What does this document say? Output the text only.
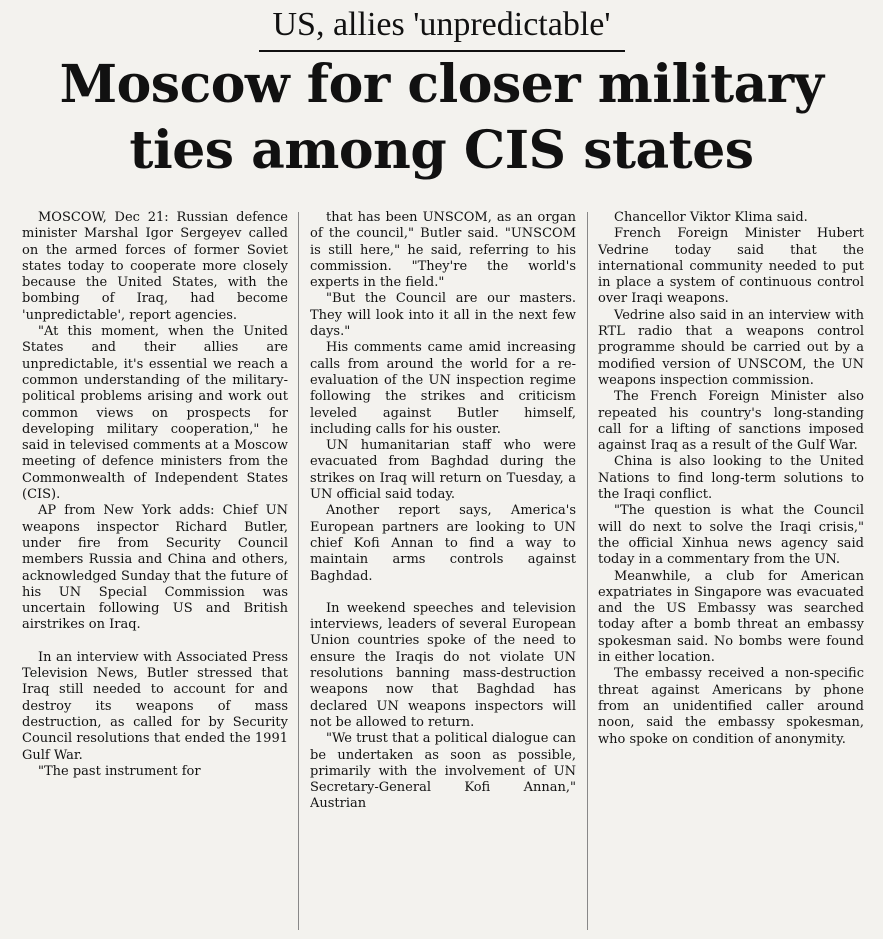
US, allies 'unpredictable'
Moscow for closer military
ties among CIS states

MOSCOW, Dec 21: Russian defence minister Marshal Igor Sergeyev called on the armed forces of former Soviet states today to cooperate more closely because the United States, with the bombing of Iraq, had become 'unpredictable', report agencies.

"At this moment, when the United States and their allies are unpredictable, it's essential we reach a common understanding of the military-political problems arising and work out common views on prospects for developing military cooperation," he said in televised comments at a Moscow meeting of defence ministers from the Commonwealth of Independent States (CIS).

AP from New York adds: Chief UN weapons inspector Richard Butler, under fire from Security Council members Russia and China and others, acknowledged Sunday that the future of his UN Special Commission was uncertain following US and British airstrikes on Iraq.

In an interview with Associated Press Television News, Butler stressed that Iraq still needed to account for and destroy its weapons of mass destruction, as called for by Security Council resolutions that ended the 1991 Gulf War.

"The past instrument for

that has been UNSCOM, as an organ of the council," Butler said. "UNSCOM is still here," he said, referring to his commission. "They're the world's experts in the field."

"But the Council are our masters. They will look into it all in the next few days."

His comments came amid increasing calls from around the world for a re-evaluation of the UN inspection regime following the strikes and criticism leveled against Butler himself, including calls for his ouster.

UN humanitarian staff who were evacuated from Baghdad during the strikes on Iraq will return on Tuesday, a UN official said today.

Another report says, America's European partners are looking to UN chief Kofi Annan to find a way to maintain arms controls against Baghdad.

In weekend speeches and television interviews, leaders of several European Union countries spoke of the need to ensure the Iraqis do not violate UN resolutions banning mass-destruction weapons now that Baghdad has declared UN weapons inspectors will not be allowed to return.

"We trust that a political dialogue can be undertaken as soon as possible, primarily with the involvement of UN Secretary-General Kofi Annan," Austrian

Chancellor Viktor Klima said.

French Foreign Minister Hubert Vedrine today said that the international community needed to put in place a system of continuous control over Iraqi weapons.

Vedrine also said in an interview with RTL radio that a weapons control programme should be carried out by a modified version of UNSCOM, the UN weapons inspection commission.

The French Foreign Minister also repeated his country's long-standing call for a lifting of sanctions imposed against Iraq as a result of the Gulf War.

China is also looking to the United Nations to find long-term solutions to the Iraqi conflict.

"The question is what the Council will do next to solve the Iraqi crisis," the official Xinhua news agency said today in a commentary from the UN.

Meanwhile, a club for American expatriates in Singapore was evacuated and the US Embassy was searched today after a bomb threat an embassy spokesman said. No bombs were found in either location.

The embassy received a non-specific threat against Americans by phone from an unidentified caller around noon, said the embassy spokesman, who spoke on condition of anonymity.
